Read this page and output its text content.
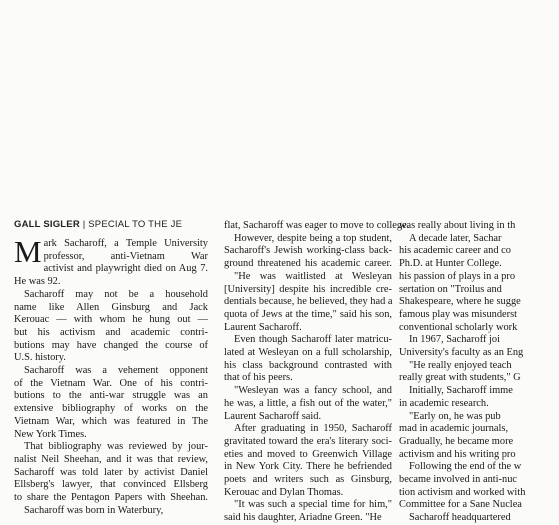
GALL SIGLER | SPECIAL TO THE JE
M ark Sacharoff, a Temple University
professor, anti-Vietnam War
activist and playwright died on Aug 7.
He was 92.
Sacharoff may not be a household
name like Allen Ginsburg and Jack
Kerouac — with whom he hung out —
but his activism and academic contri-
butions may have changed the course of
U.S. history.
Sacharoff was a vehement opponent
of the Vietnam War. One of his contri-
butions to the anti-war struggle was an
extensive bibliography of works on the
Vietnam War, which was featured in The
New York Times.
That bibliography was reviewed by jour-
nalist Neil Sheehan, and it was that review,
Sacharoff was told later by activist Daniel
Ellsberg's lawyer, that convinced Ellsberg
to share the Pentagon Papers with Sheehan.
Sacharoff was born in Waterbury,
flat, Sacharoff was eager to move to college.
However, despite being a top student,
Sacharoff's Jewish working-class back-
ground threatened his academic career.
"He was waitlisted at Wesleyan
[University] despite his incredible cre-
dentials because, he believed, they had a
quota of Jews at the time," said his son,
Laurent Sacharoff.
Even though Sacharoff later matricu-
lated at Wesleyan on a full scholarship,
his class background contrasted with
that of his peers.
"Wesleyan was a fancy school, and
he was, a little, a fish out of the water,"
Laurent Sacharoff said.
After graduating in 1950, Sacharoff
gravitated toward the era's literary soci-
eties and moved to Greenwich Village
in New York City. There he befriended
poets and writers such as Ginsburg,
Kerouac and Dylan Thomas.
"It was such a special time for him,"
said his daughter, Ariadne Green. "He
was really about living in th
A decade later, Sachar
his academic career and co
Ph.D. at Hunter College.
his passion of plays in a pro
sertation on "Troilus and
Shakespeare, where he sugge
famous play was misunderst
conventional scholarly work
In 1967, Sacharoff joi
University's faculty as an Eng
"He really enjoyed teach
really great with students," G
Initially, Sacharoff imme
in academic research.
"Early on, he was pub
mad in academic journals,
Gradually, he became more
activism and his writing pro
Following the end of the w
became involved in anti-nuc
tion activism and worked with
Committee for a Sane Nuclea
Sacharoff headquartered
